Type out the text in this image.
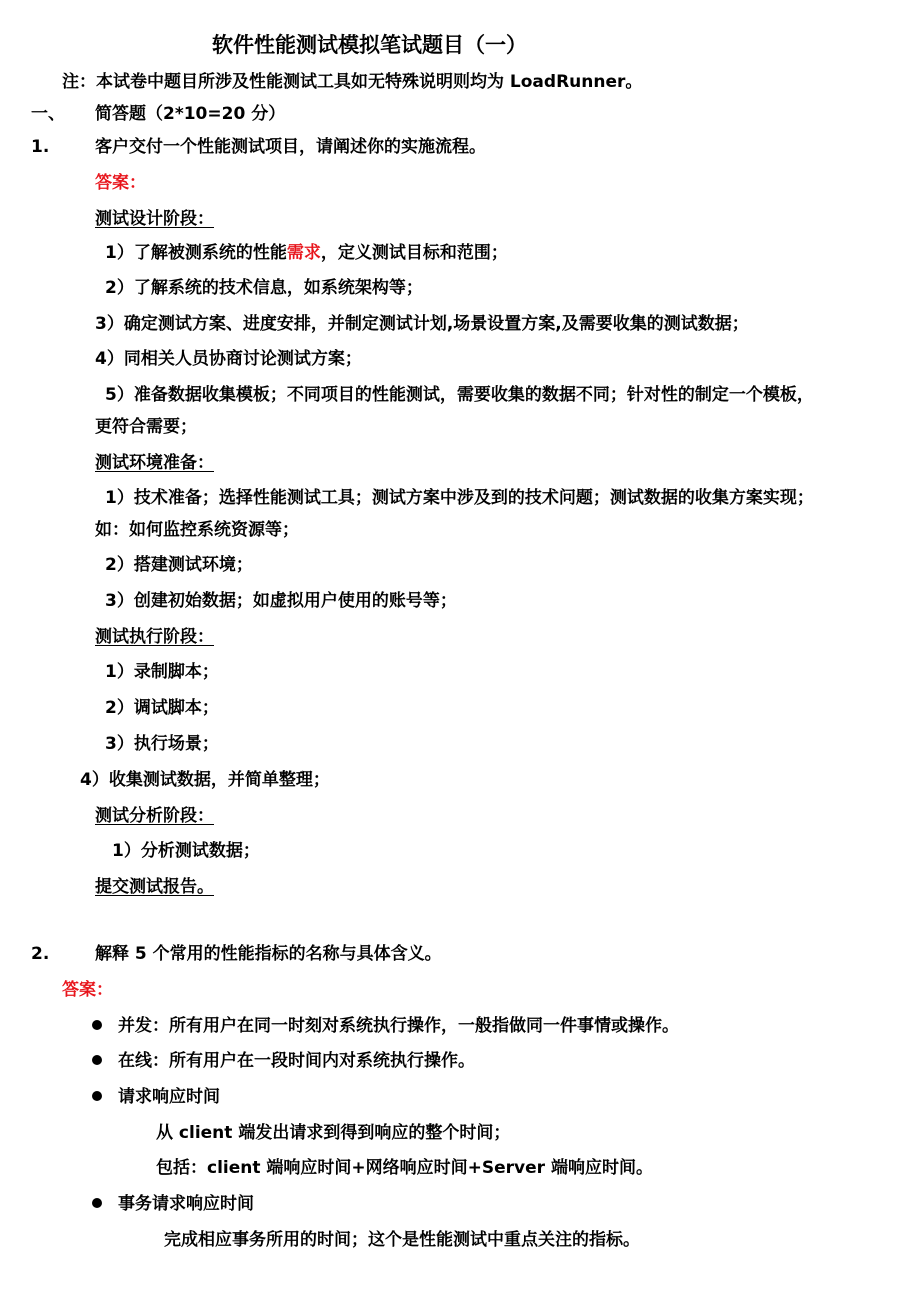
软件性能测试模拟笔试题目（一）
注：本试卷中题目所涉及性能测试工具如无特殊说明则均为 LoadRunner。
一、 简答题（2*10=20 分）
1.	客户交付一个性能测试项目，请阐述你的实施流程。
答案：
测试设计阶段：
1）了解被测系统的性能需求，定义测试目标和范围；
2）了解系统的技术信息，如系统架构等；
3）确定测试方案、进度安排，并制定测试计划,场景设置方案,及需要收集的测试数据；
4）同相关人员协商讨论测试方案；
5）准备数据收集模板；不同项目的性能测试，需要收集的数据不同；针对性的制定一个模板，
更符合需要；
测试环境准备：
1）技术准备；选择性能测试工具；测试方案中涉及到的技术问题；测试数据的收集方案实现；
如：如何监控系统资源等；
2）搭建测试环境；
3）创建初始数据；如虚拟用户使用的账号等；
测试执行阶段：
1）录制脚本；
2）调试脚本；
3）执行场景；
4）收集测试数据，并简单整理；
测试分析阶段：
1）分析测试数据；
提交测试报告。
2.	解释 5 个常用的性能指标的名称与具体含义。
答案：
并发：所有用户在同一时刻对系统执行操作，一般指做同一件事情或操作。
在线：所有用户在一段时间内对系统执行操作。
请求响应时间
从 client 端发出请求到得到响应的整个时间；
包括：client 端响应时间+网络响应时间+Server 端响应时间。
事务请求响应时间
完成相应事务所用的时间；这个是性能测试中重点关注的指标。
